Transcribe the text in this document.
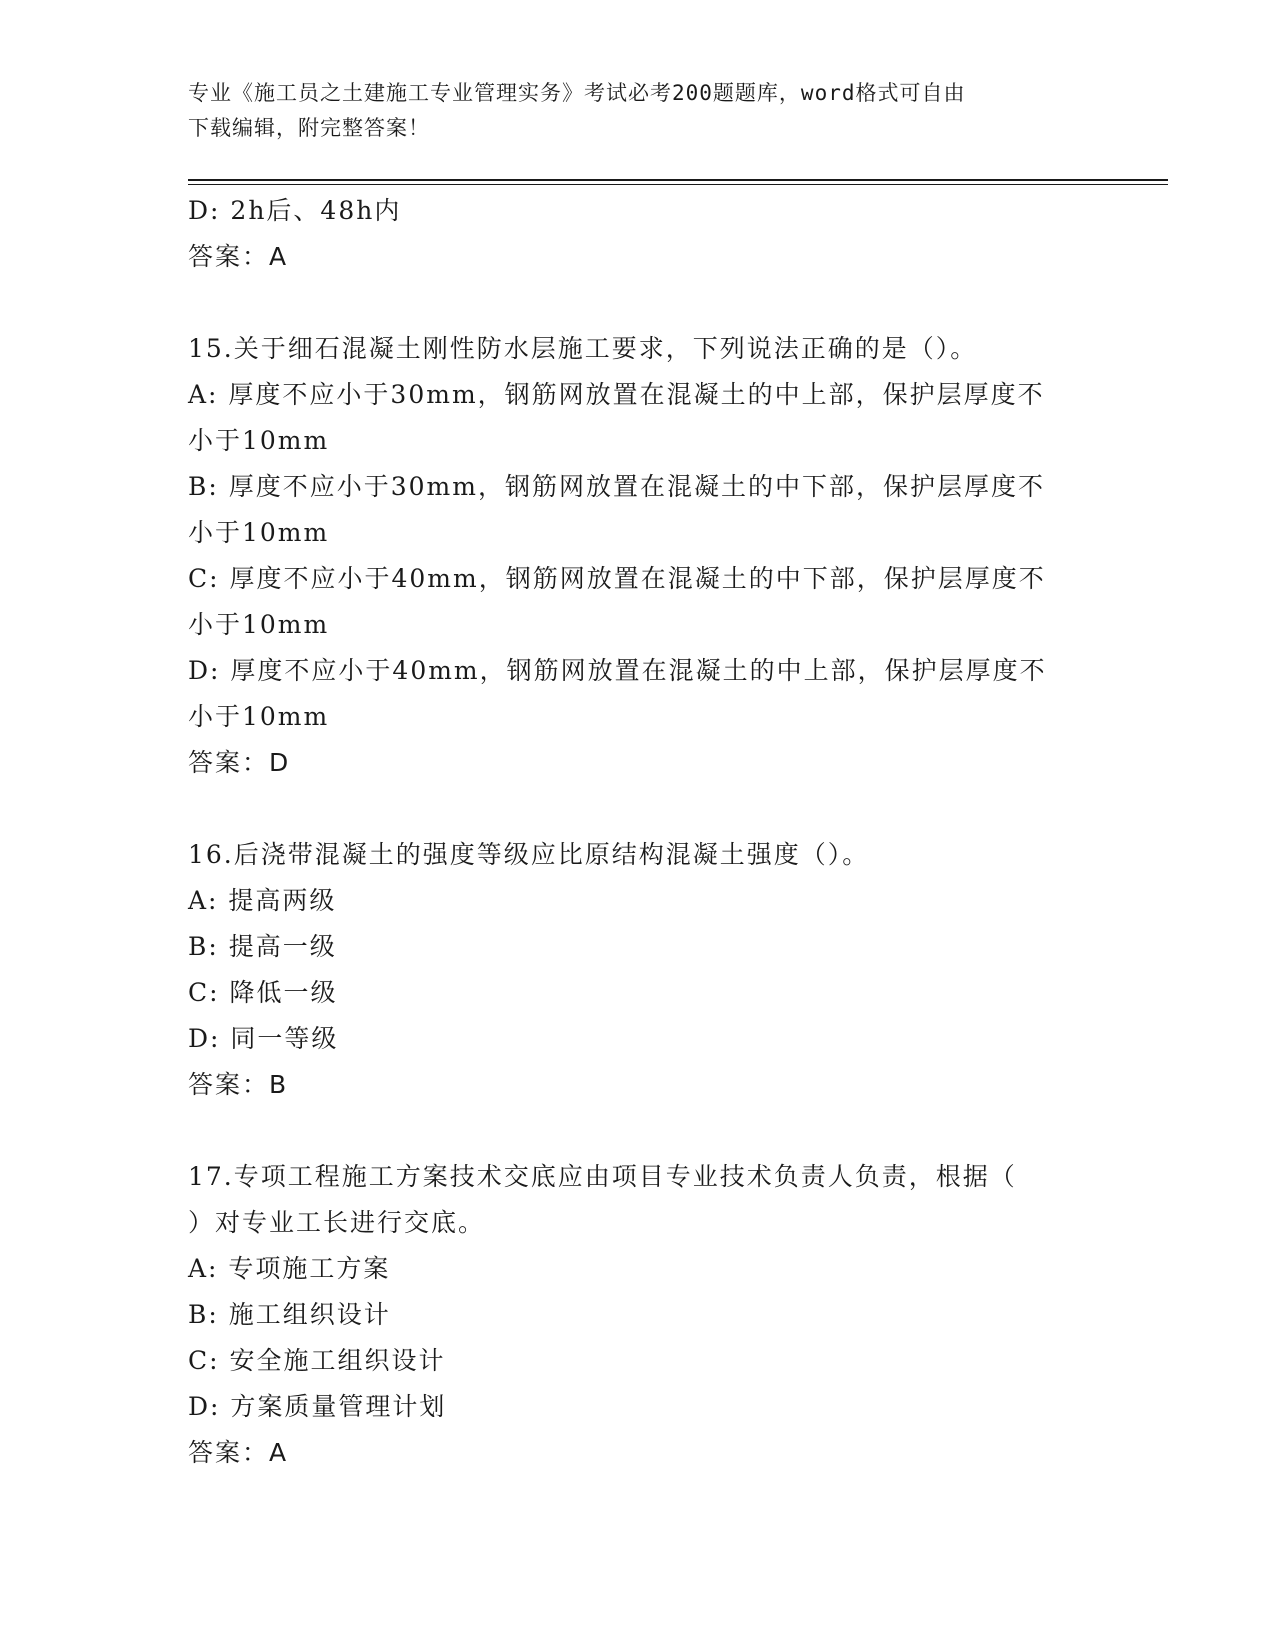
专业《施工员之土建施工专业管理实务》考试必考200题题库，word格式可自由
下载编辑，附完整答案！
D: 2h后、48h内
答案：A
15.关于细石混凝土刚性防水层施工要求，下列说法正确的是（）。
A: 厚度不应小于30mm，钢筋网放置在混凝土的中上部，保护层厚度不
小于10mm
B: 厚度不应小于30mm，钢筋网放置在混凝土的中下部，保护层厚度不
小于10mm
C: 厚度不应小于40mm，钢筋网放置在混凝土的中下部，保护层厚度不
小于10mm
D: 厚度不应小于40mm，钢筋网放置在混凝土的中上部，保护层厚度不
小于10mm
答案：D
16.后浇带混凝土的强度等级应比原结构混凝土强度（）。
A: 提高两级
B: 提高一级
C: 降低一级
D: 同一等级
答案：B
17.专项工程施工方案技术交底应由项目专业技术负责人负责，根据（
）对专业工长进行交底。
A: 专项施工方案
B: 施工组织设计
C: 安全施工组织设计
D: 方案质量管理计划
答案：A
